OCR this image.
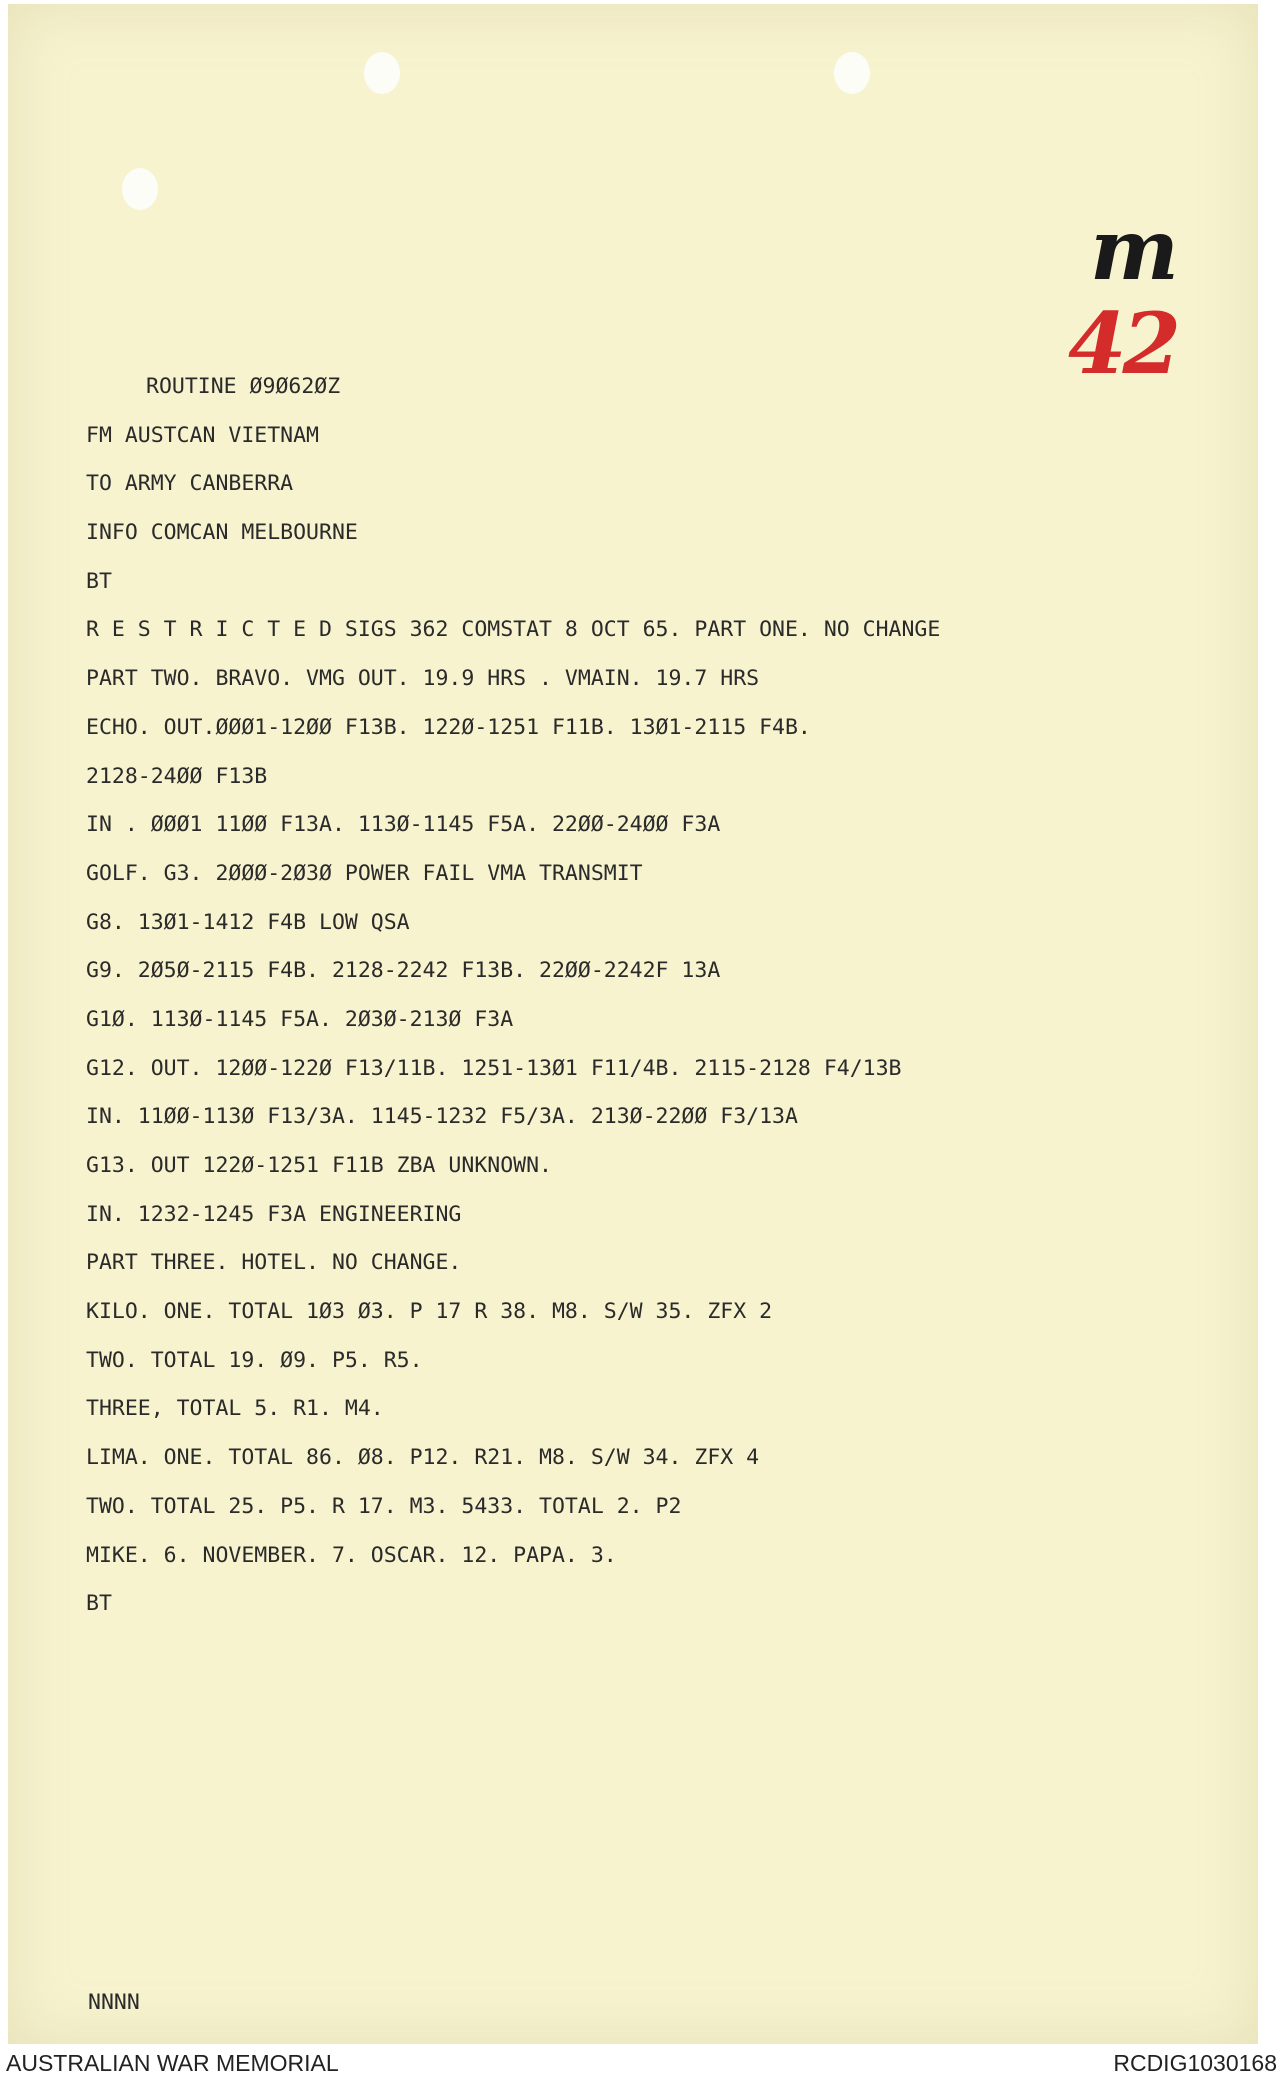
m
42
ROUTINE Ø9Ø62ØZ
FM AUSTCAN VIETNAM
TO ARMY CANBERRA
INFO COMCAN MELBOURNE
BT
R E S T R I C T E D SIGS 362 COMSTAT 8 OCT 65. PART ONE. NO CHANGE
PART TWO. BRAVO. VMG OUT. 19.9 HRS . VMAIN. 19.7 HRS
ECHO. OUT.ØØØ1-12ØØ F13B. 122Ø-1251 F11B. 13Ø1-2115 F4B.
2128-24ØØ F13B
IN . ØØØ1 11ØØ F13A. 113Ø-1145 F5A. 22ØØ-24ØØ F3A
GOLF. G3. 2ØØØ-2Ø3Ø POWER FAIL VMA TRANSMIT
G8. 13Ø1-1412 F4B LOW QSA
G9. 2Ø5Ø-2115 F4B. 2128-2242 F13B. 22ØØ-2242F 13A
G1Ø. 113Ø-1145 F5A. 2Ø3Ø-213Ø F3A
G12. OUT. 12ØØ-122Ø F13/11B. 1251-13Ø1 F11/4B. 2115-2128 F4/13B
IN. 11ØØ-113Ø F13/3A. 1145-1232 F5/3A. 213Ø-22ØØ F3/13A
G13. OUT 122Ø-1251 F11B ZBA UNKNOWN.
IN. 1232-1245 F3A ENGINEERING
PART THREE. HOTEL. NO CHANGE.
KILO. ONE. TOTAL 1Ø3 Ø3. P 17 R 38. M8. S/W 35. ZFX 2
TWO. TOTAL 19. Ø9. P5. R5.
THREE, TOTAL 5. R1. M4.
LIMA. ONE. TOTAL 86. Ø8. P12. R21. M8. S/W 34. ZFX 4
TWO. TOTAL 25. P5. R 17. M3. 5433. TOTAL 2. P2
MIKE. 6. NOVEMBER. 7. OSCAR. 12. PAPA. 3.
BT
NNNN
AUSTRALIAN WAR MEMORIAL	RCDIG1030168
